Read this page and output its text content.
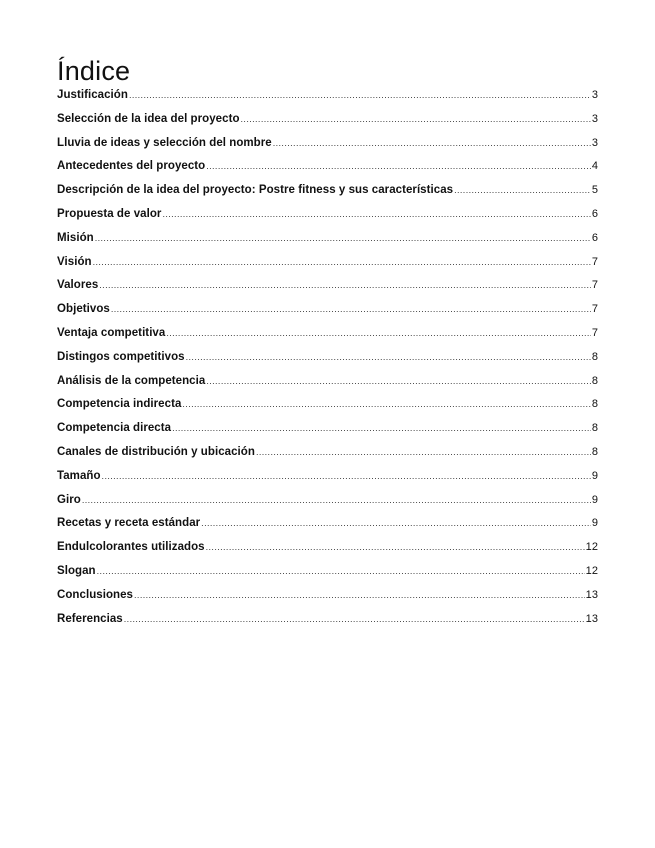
Índice
Justificación .....	3
Selección de la idea del proyecto .....	3
Lluvia de ideas y selección del nombre .....	3
Antecedentes del proyecto .....	4
Descripción de la idea del proyecto: Postre fitness y sus características .....	5
Propuesta de valor .....	6
Misión .....	6
Visión .....	7
Valores .....	7
Objetivos .....	7
Ventaja competitiva .....	7
Distingos competitivos .....	8
Análisis de la competencia .....	8
Competencia indirecta .....	8
Competencia directa .....	8
Canales de distribución y ubicación .....	8
Tamaño .....	9
Giro .....	9
Recetas y receta estándar .....	9
Endulcolorantes utilizados .....	12
Slogan .....	12
Conclusiones .....	13
Referencias .....	13
